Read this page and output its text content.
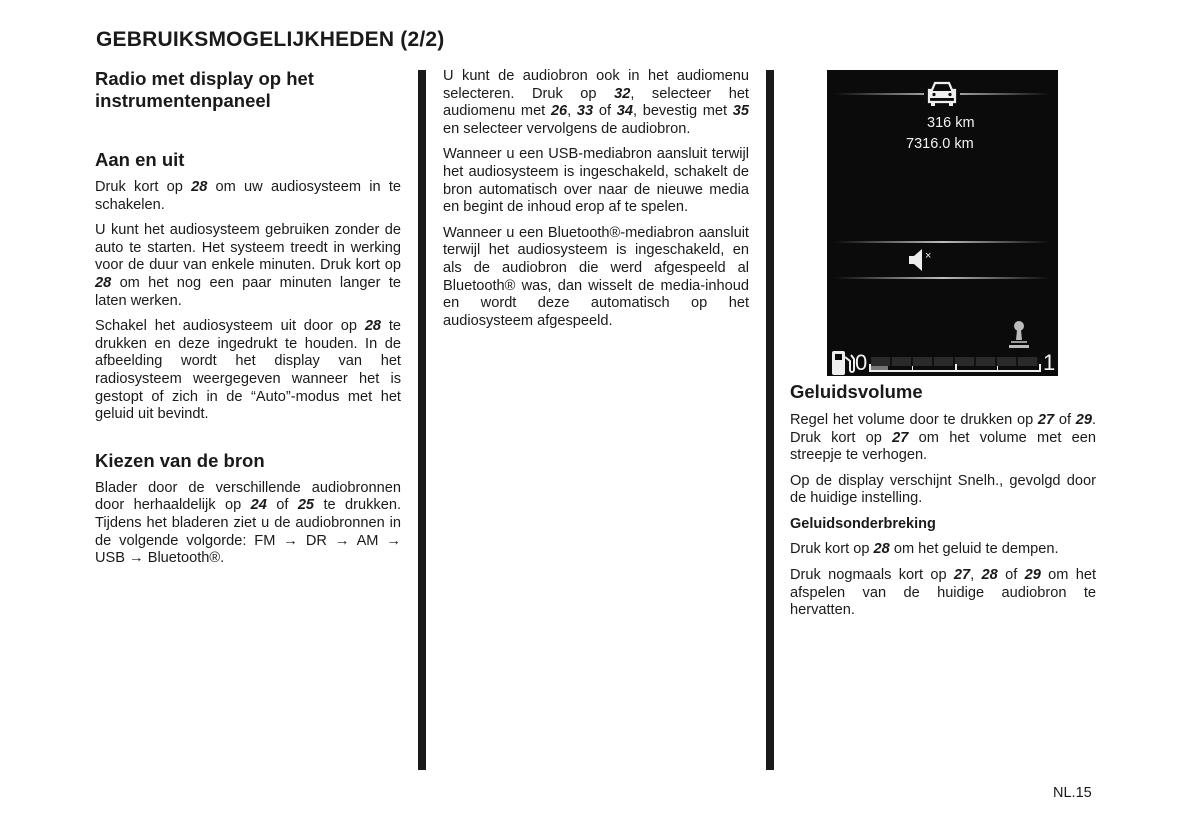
GEBRUIKSMOGELIJKHEDEN (2/2)
Radio met display op het instrumentenpaneel
Aan en uit

Druk kort op 28 om uw audiosysteem in te schakelen.

U kunt het audiosysteem gebruiken zonder de auto te starten. Het systeem treedt in werking voor de duur van enkele minuten. Druk kort op 28 om het nog een paar minuten langer te laten werken.

Schakel het audiosysteem uit door op 28 te drukken en deze ingedrukt te houden. In de afbeelding wordt het display van het radiosysteem weergegeven wanneer het is gestopt of zich in de “Auto”-modus met het geluid uit bevindt.

Kiezen van de bron

Blader door de verschillende audiobronnen door herhaaldelijk op 24 of 25 te drukken. Tijdens het bladeren ziet u de audiobronnen in de volgende volgorde: FM → DR → AM → USB → Bluetooth®.

U kunt de audiobron ook in het audiomenu selecteren. Druk op 32, selecteer het audiomenu met 26, 33 of 34, bevestig met 35 en selecteer vervolgens de audiobron.

Wanneer u een USB-mediabron aansluit terwijl het audiosysteem is ingeschakeld, schakelt de bron automatisch over naar de nieuwe media en begint de inhoud erop af te spelen.

Wanneer u een Bluetooth®-mediabron aansluit terwijl het audiosysteem is ingeschakeld, en als de audiobron die werd afgespeeld al Bluetooth® was, dan wisselt de media-inhoud en wordt deze automatisch op het audiosysteem afgespeeld.

316 km
7316.0 km
×
0	1
Geluidsvolume

Regel het volume door te drukken op 27 of 29. Druk kort op 27 om het volume met een streepje te verhogen.

Op de display verschijnt Snelh., gevolgd door de huidige instelling.

Geluidsonderbreking

Druk kort op 28 om het geluid te dempen.

Druk nogmaals kort op 27, 28 of 29 om het afspelen van de huidige audiobron te hervatten.

NL.15
